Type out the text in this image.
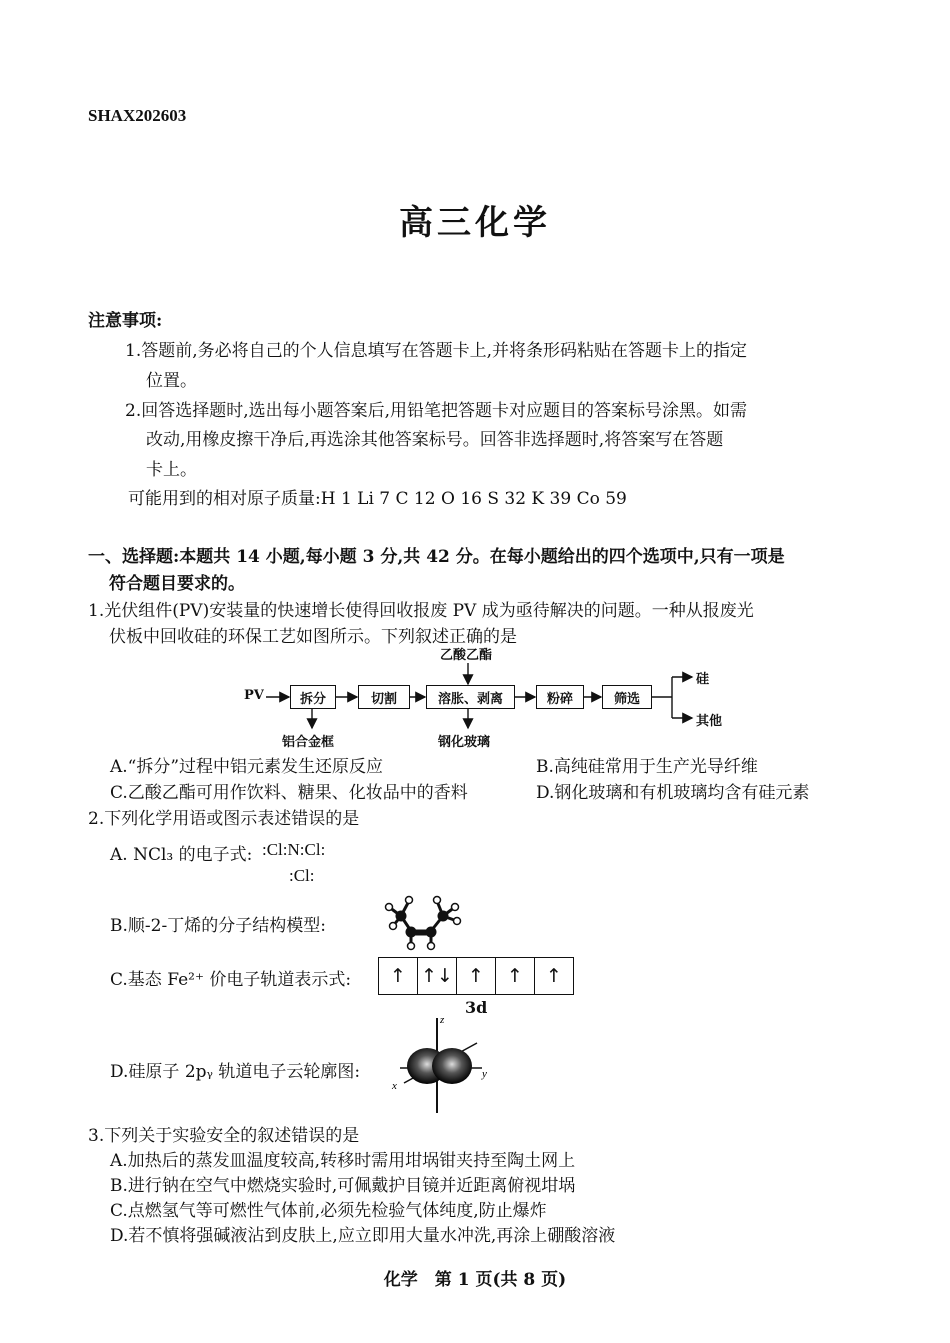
SHAX202603
高三化学
注意事项:
1.答题前,务必将自己的个人信息填写在答题卡上,并将条形码粘贴在答题卡上的指定
位置。
2.回答选择题时,选出每小题答案后,用铅笔把答题卡对应题目的答案标号涂黑。如需
改动,用橡皮擦干净后,再选涂其他答案标号。回答非选择题时,将答案写在答题
卡上。
可能用到的相对原子质量:H 1 Li 7 C 12 O 16 S 32 K 39 Co 59
一、选择题:本题共 14 小题,每小题 3 分,共 42 分。在每小题给出的四个选项中,只有一项是
符合题目要求的。
1.光伏组件(PV)安装量的快速增长使得回收报废 PV 成为亟待解决的问题。一种从报废光
伏板中回收硅的环保工艺如图所示。下列叙述正确的是
PV	拆分	切割	溶胀、剥离	粉碎	筛选
乙酸乙酯
铝合金框	钢化玻璃
硅
其他
A.“拆分”过程中铝元素发生还原反应	B.高纯硅常用于生产光导纤维
C.乙酸乙酯可用作饮料、糖果、化妆品中的香料	D.钢化玻璃和有机玻璃均含有硅元素
2.下列化学用语或图示表述错误的是
A. NCl₃ 的电子式: :Cl:N:Cl:
:Cl:
B.顺-2-丁烯的分子结构模型:
C.基态 Fe²⁺ 价电子轨道表示式:	↑ ↑↓ ↑	↑	↑
3d
D.硅原子 2pᵧ 轨道电子云轮廓图:
z
x
y
3.下列关于实验安全的叙述错误的是
A.加热后的蒸发皿温度较高,转移时需用坩埚钳夹持至陶土网上
B.进行钠在空气中燃烧实验时,可佩戴护目镜并近距离俯视坩埚
C.点燃氢气等可燃性气体前,必须先检验气体纯度,防止爆炸
D.若不慎将强碱液沾到皮肤上,应立即用大量水冲洗,再涂上硼酸溶液
化学　第 1 页(共 8 页)
